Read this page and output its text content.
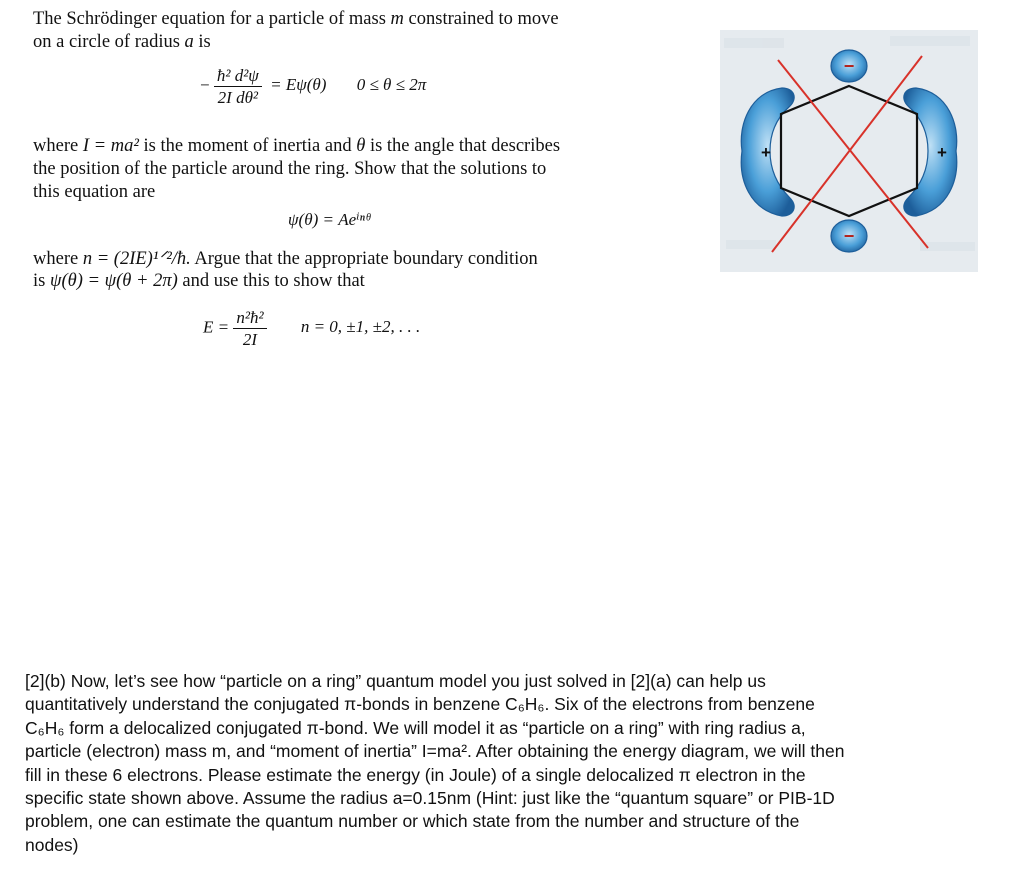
The Schrödinger equation for a particle of mass m constrained to move
on a circle of radius a is
− $\frac{\text{ħ² d²ψ}}{\text{2I dθ²}} = E\psi(\theta) 0 \le \theta \le 2\pi$
where I = ma² is the moment of inertia and θ is the angle that describes
the position of the particle around the ring. Show that the solutions to
this equation are
ψ(θ) = Aeⁱⁿᶿ
where n = (2IE)¹ᐟ²/ħ. Argue that the appropriate boundary condition
is ψ(θ) = ψ(θ + 2π) and use this to show that
$E = \frac{\text{n²ħ²}}{2I}$ n = 0, ±1, ±2, . . .
−
−
+	+
[2](b) Now, let’s see how “particle on a ring” quantum model you just solved in [2](a) can help us
quantitatively understand the conjugated π-bonds in benzene C₆H₆. Six of the electrons from benzene
C₆H₆ form a delocalized conjugated π-bond. We will model it as “particle on a ring” with ring radius a,
particle (electron) mass m, and “moment of inertia” I=ma². After obtaining the energy diagram, we will then
fill in these 6 electrons. Please estimate the energy (in Joule) of a single delocalized π electron in the
specific state shown above. Assume the radius a=0.15nm (Hint: just like the “quantum square” or PIB-1D
problem, one can estimate the quantum number or which state from the number and structure of the
nodes)
